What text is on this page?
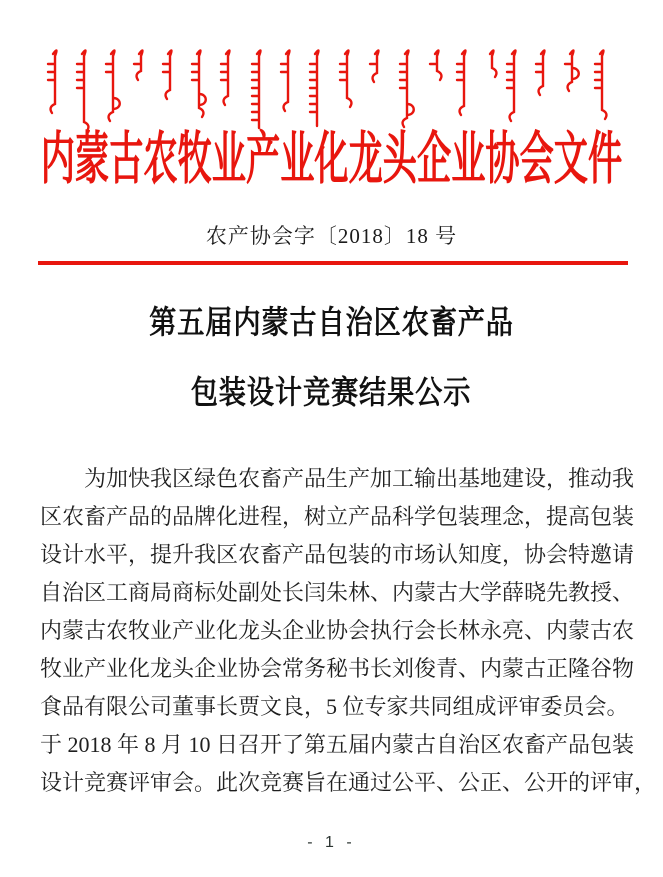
内蒙古农牧业产业化龙头企业协会文件
农产协会字〔2018〕18 号
第五届内蒙古自治区农畜产品
包装设计竞赛结果公示
为加快我区绿色农畜产品生产加工输出基地建设，推动我
区农畜产品的品牌化进程，树立产品科学包装理念，提高包装
设计水平，提升我区农畜产品包装的市场认知度，协会特邀请
自治区工商局商标处副处长闫朱林、内蒙古大学薛晓先教授、
内蒙古农牧业产业化龙头企业协会执行会长林永亮、内蒙古农
牧业产业化龙头企业协会常务秘书长刘俊青、内蒙古正隆谷物
食品有限公司董事长贾文良，5 位专家共同组成评审委员会。
于 2018 年 8 月 10 日召开了第五届内蒙古自治区农畜产品包装
设计竞赛评审会。此次竞赛旨在通过公平、公正、公开的评审，
- 1 -
